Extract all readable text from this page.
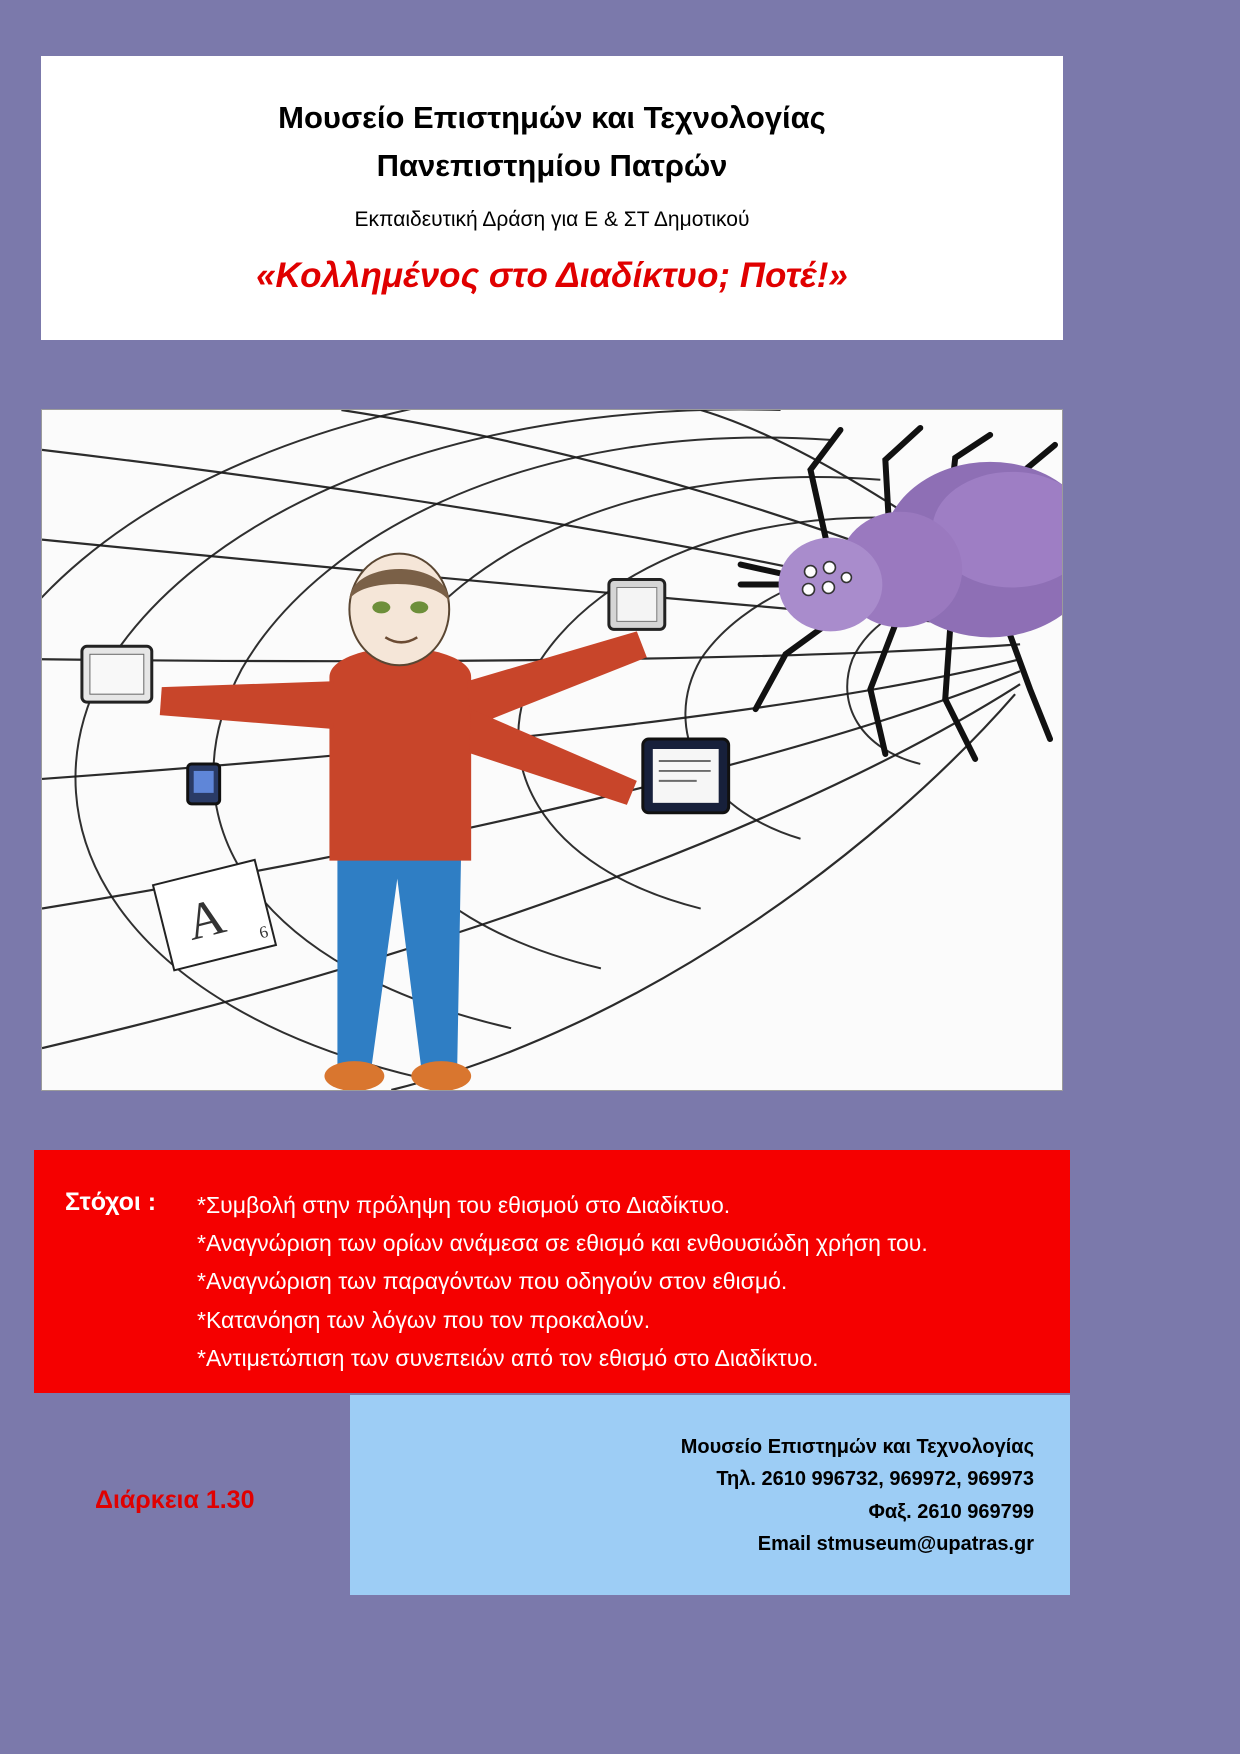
Μουσείο Επιστημών και Τεχνολογίας
Πανεπιστημίου Πατρών
Εκπαιδευτική Δράση για Ε & ΣΤ Δημοτικού
«Κολλημένος στο Διαδίκτυο; Ποτέ!»
A 6
Στόχοι : *Συμβολή στην πρόληψη του εθισμού στο Διαδίκτυο.
*Αναγνώριση των ορίων ανάμεσα σε εθισμό και ενθουσιώδη χρήση του.
*Αναγνώριση των παραγόντων που οδηγούν στον εθισμό.
*Κατανόηση των λόγων που τον προκαλούν.
*Αντιμετώπιση των συνεπειών από τον εθισμό στο Διαδίκτυο.
Μουσείο Επιστημών και Τεχνολογίας
Τηλ. 2610 996732, 969972, 969973
Φαξ. 2610 969799
Email stmuseum@upatras.gr
Διάρκεια 1.30
